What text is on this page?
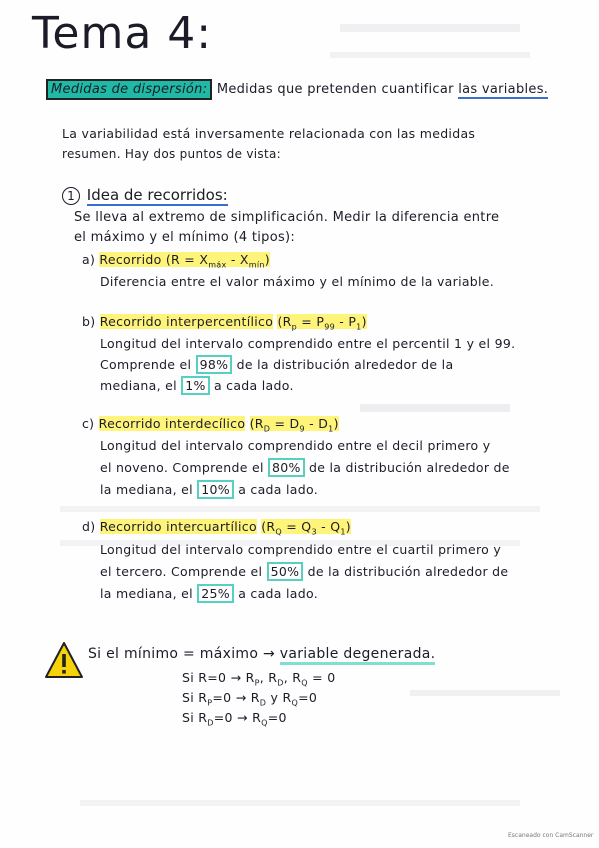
Tema 4:
Medidas de dispersión: Medidas que pretenden cuantificar las variables.
La variabilidad está inversamente relacionada con las medidas
resumen. Hay dos puntos de vista:
1 Idea de recorridos:
Se lleva al extremo de simplificación. Medir la diferencia entre
el máximo y el mínimo (4 tipos):
a) Recorrido $(R = X_{máx} - X_{mín})$
Diferencia entre el valor máximo y el mínimo de la variable.
b) Recorrido interpercentílico $(R_p = P_{99} - P_1)$
Longitud del intervalo comprendido entre el percentil 1 y el 99.
Comprende el 98% de la distribución alrededor de la
mediana, el 1% a cada lado.
c) Recorrido interdecílico $(R_D = D_9 - D_1)$
Longitud del intervalo comprendido entre el decil primero y
el noveno. Comprende el 80% de la distribución alrededor de
la mediana, el 10% a cada lado.
d) Recorrido intercuartílico $(R_Q = Q_3 - Q_1)$
Longitud del intervalo comprendido entre el cuartil primero y
el tercero. Comprende el 50% de la distribución alrededor de
la mediana, el 25% a cada lado.
Si el mínimo = máximo → variable degenerada.
Si $R=0 \to R_P$, $R_D$, $R_Q = 0$
Si $R_P=0 \to R_D$ y $R_Q=0$
Si $R_D=0 \to R_Q=0$
Escaneado con CamScanner
